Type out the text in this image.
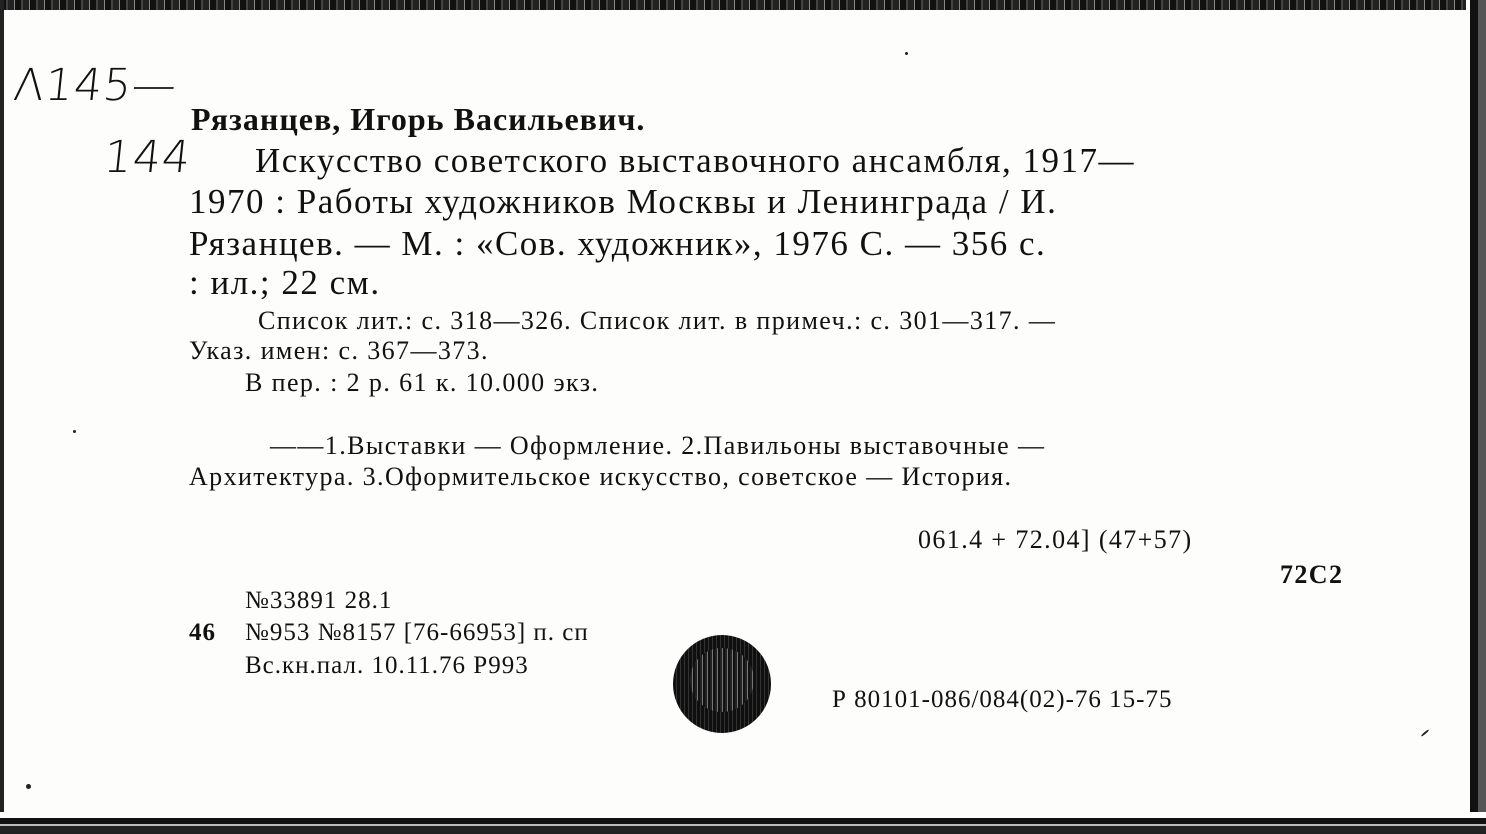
Λ145—
144
Рязанцев, Игорь Васильевич.
Искусство советского выставочного ансамбля, 1917—
1970 : Работы художников Москвы и Ленинграда / И.
Рязанцев. — М. : «Сов. художник», 1976 С. — 356 с.
: ил.; 22 см.
Список лит.: с. 318—326. Список лит. в примеч.: с. 301—317. —
Указ. имен: с. 367—373.
В пер. : 2 р. 61 к. 10.000 экз.
——1.Выставки — Оформление. 2.Павильоны выставочные —
Архитектура. 3.Оформительское искусство, советское — История.
061.4 + 72.04] (47+57)
72С2
№33891 28.1
46 №953 №8157 [76-66953] п. сп
Вс.кн.пал. 10.11.76 Р993
Р 80101-086/084(02)-76 15-75
